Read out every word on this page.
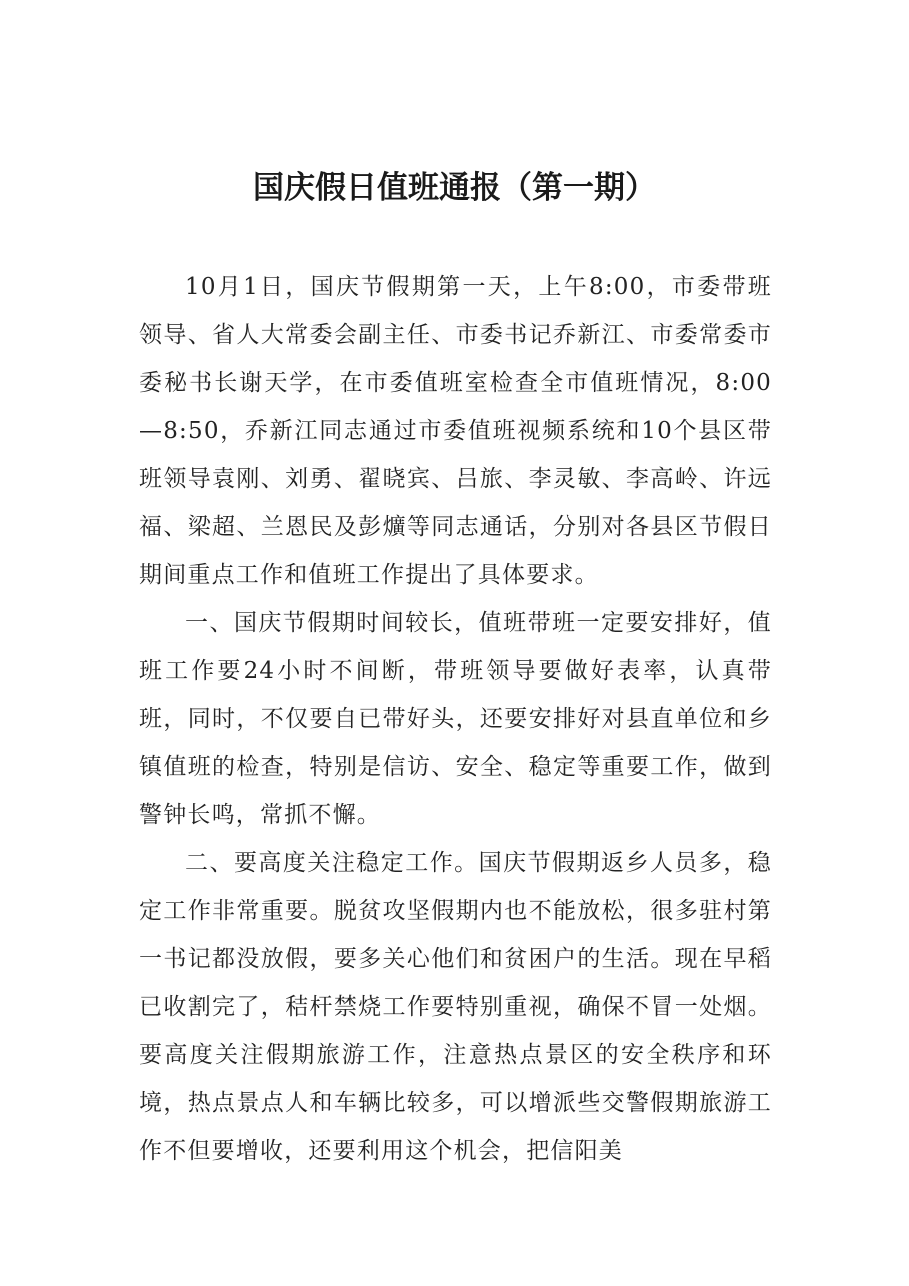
国庆假日值班通报（第一期）

10月1日，国庆节假期第一天，上午8:00，市委带班领导、省人大常委会副主任、市委书记乔新江、市委常委市委秘书长谢天学，在市委值班室检查全市值班情况，8:00—8:50，乔新江同志通过市委值班视频系统和10个县区带班领导袁刚、刘勇、翟晓宾、吕旅、李灵敏、李高岭、许远福、梁超、兰恩民及彭爌等同志通话，分别对各县区节假日期间重点工作和值班工作提出了具体要求。

一、国庆节假期时间较长，值班带班一定要安排好，值班工作要24小时不间断，带班领导要做好表率，认真带班，同时，不仅要自已带好头，还要安排好对县直单位和乡镇值班的检查，特别是信访、安全、稳定等重要工作，做到警钟长鸣，常抓不懈。

二、要高度关注稳定工作。国庆节假期返乡人员多，稳定工作非常重要。脱贫攻坚假期内也不能放松，很多驻村第一书记都没放假，要多关心他们和贫困户的生活。现在早稻已收割完了，秸杆禁烧工作要特别重视，确保不冒一处烟。要高度关注假期旅游工作，注意热点景区的安全秩序和环境，热点景点人和车辆比较多，可以增派些交警假期旅游工作不但要增收，还要利用这个机会，把信阳美
